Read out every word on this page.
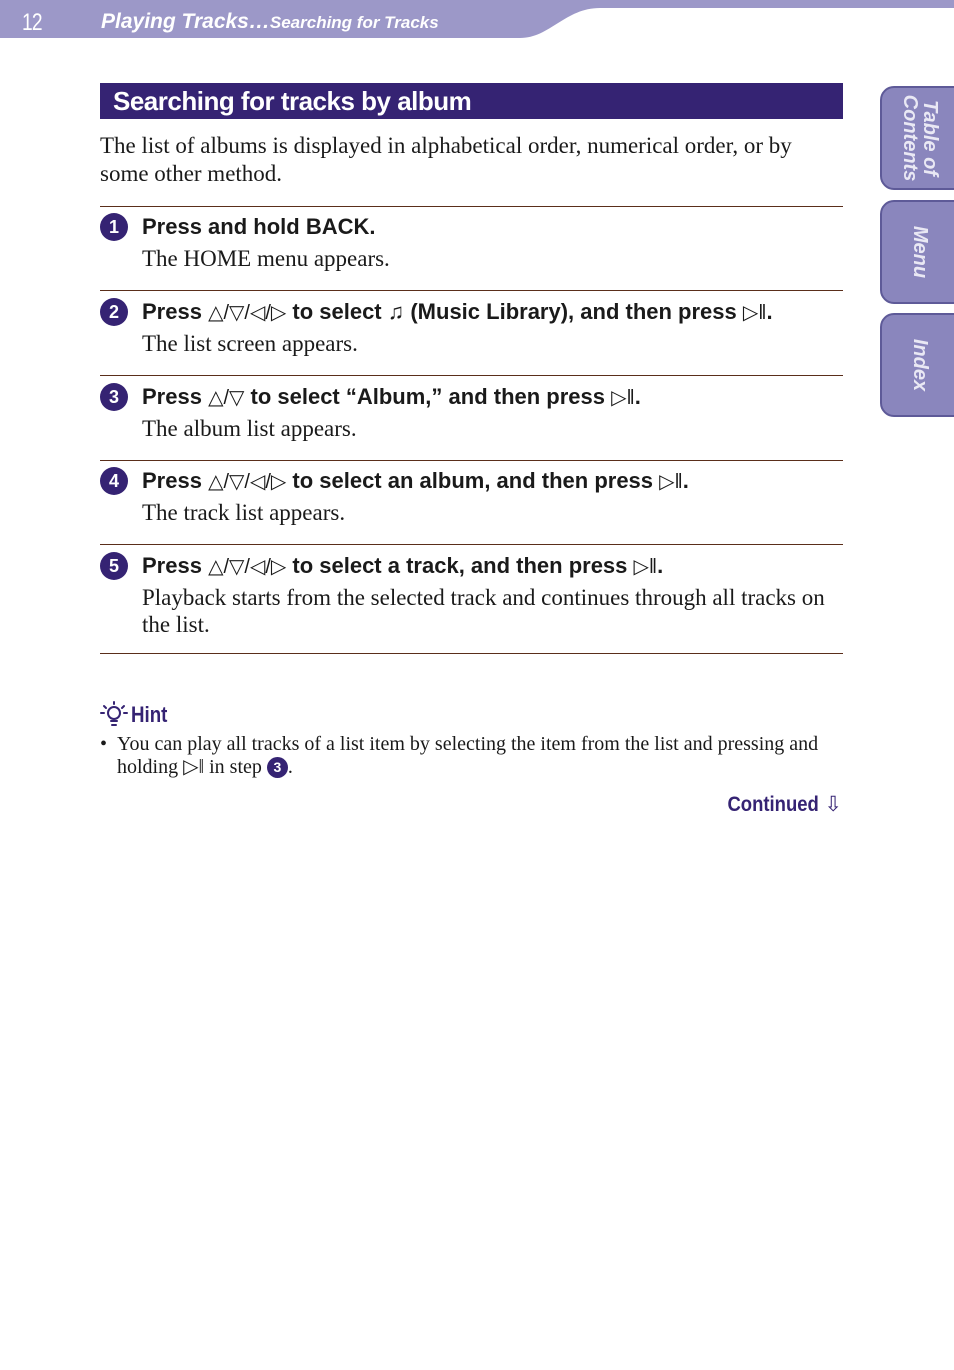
12	Playing Tracks…Searching for Tracks
Table of
Contents
Menu
Index
Searching for tracks by album
The list of albums is displayed in alphabetical order, numerical order, or by some other method.
1	Press and hold BACK.
The HOME menu appears.
2	Press △/▽/◁/▷ to select ♫ (Music Library), and then press ▷ǁ.
The list screen appears.
3	Press △/▽ to select “Album,” and then press ▷ǁ.
The album list appears.
4	Press △/▽/◁/▷ to select an album, and then press ▷ǁ.
The track list appears.
5	Press △/▽/◁/▷ to select a track, and then press ▷ǁ.
Playback starts from the selected track and continues through all tracks on the list.
Hint
• You can play all tracks of a list item by selecting the item from the list and pressing and holding ▷ǁ in step 3 .
Continued ⇩
